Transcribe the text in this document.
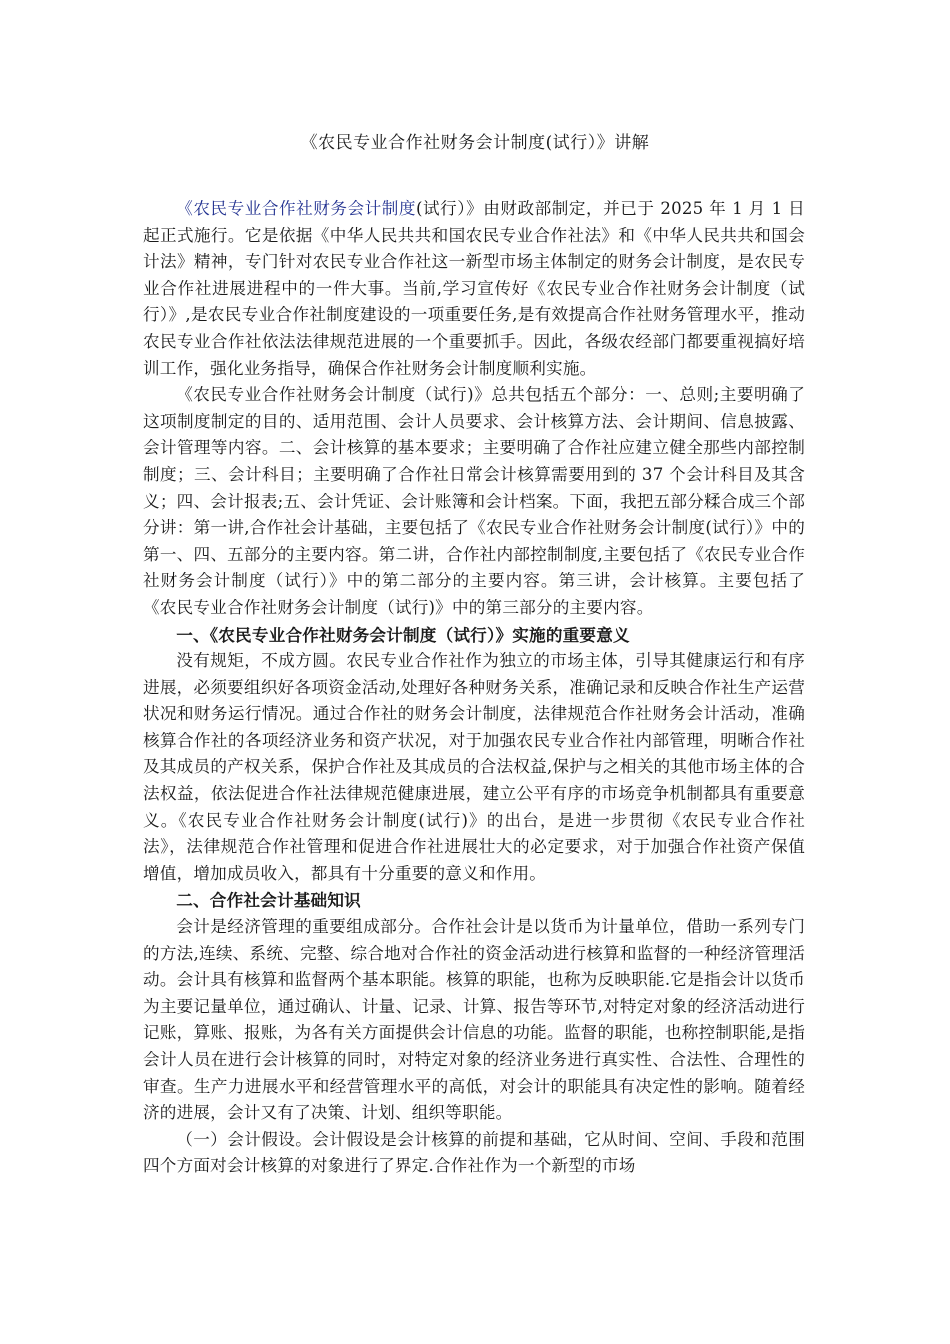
《农民专业合作社财务会计制度(试行）》讲解

《农民专业合作社财务会计制度(试行）》由财政部制定，并已于 2025 年 1 月 1 日起正式施行。它是依据《中华人民共共和国农民专业合作社法》和《中华人民共共和国会计法》精神，专门针对农民专业合作社这一新型市场主体制定的财务会计制度，是农民专业合作社进展进程中的一件大事。当前,学习宣传好《农民专业合作社财务会计制度（试行）》,是农民专业合作社制度建设的一项重要任务,是有效提高合作社财务管理水平，推动农民专业合作社依法法律规范进展的一个重要抓手。因此，各级农经部门都要重视搞好培训工作，强化业务指导，确保合作社财务会计制度顺利实施。

《农民专业合作社财务会计制度（试行)》总共包括五个部分：一、总则;主要明确了这项制度制定的目的、适用范围、会计人员要求、会计核算方法、会计期间、信息披露、会计管理等内容。二、会计核算的基本要求；主要明确了合作社应建立健全那些内部控制制度；三、会计科目；主要明确了合作社日常会计核算需要用到的 37 个会计科目及其含义；四、会计报表;五、会计凭证、会计账簿和会计档案。下面，我把五部分糅合成三个部分讲：第一讲,合作社会计基础，主要包括了《农民专业合作社财务会计制度(试行）》中的第一、四、五部分的主要内容。第二讲，合作社内部控制制度,主要包括了《农民专业合作社财务会计制度（试行）》中的第二部分的主要内容。第三讲，会计核算。主要包括了《农民专业合作社财务会计制度（试行)》中的第三部分的主要内容。

一、《农民专业合作社财务会计制度（试行）》实施的重要意义

没有规矩，不成方圆。农民专业合作社作为独立的市场主体，引导其健康运行和有序进展，必须要组织好各项资金活动,处理好各种财务关系，准确记录和反映合作社生产运营状况和财务运行情况。通过合作社的财务会计制度，法律规范合作社财务会计活动，准确核算合作社的各项经济业务和资产状况，对于加强农民专业合作社内部管理，明晰合作社及其成员的产权关系，保护合作社及其成员的合法权益,保护与之相关的其他市场主体的合法权益，依法促进合作社法律规范健康进展，建立公平有序的市场竞争机制都具有重要意义。《农民专业合作社财务会计制度(试行)》的出台，是进一步贯彻《农民专业合作社法》，法律规范合作社管理和促进合作社进展壮大的必定要求，对于加强合作社资产保值增值，增加成员收入，都具有十分重要的意义和作用。

二、合作社会计基础知识

会计是经济管理的重要组成部分。合作社会计是以货币为计量单位，借助一系列专门的方法,连续、系统、完整、综合地对合作社的资金活动进行核算和监督的一种经济管理活动。会计具有核算和监督两个基本职能。核算的职能，也称为反映职能.它是指会计以货币为主要记量单位，通过确认、计量、记录、计算、报告等环节,对特定对象的经济活动进行记账，算账、报账，为各有关方面提供会计信息的功能。监督的职能，也称控制职能,是指会计人员在进行会计核算的同时，对特定对象的经济业务进行真实性、合法性、合理性的审查。生产力进展水平和经营管理水平的高低，对会计的职能具有决定性的影响。随着经济的进展，会计又有了决策、计划、组织等职能。

（一）会计假设。会计假设是会计核算的前提和基础，它从时间、空间、手段和范围四个方面对会计核算的对象进行了界定.合作社作为一个新型的市场
